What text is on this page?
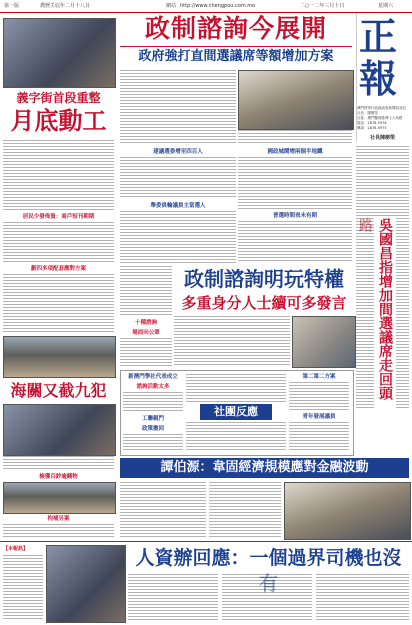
第一版	農曆壬辰年二月十八日	網站 http://www.chengpou.com.mo	二○一二年三月十日	星期六
政制諮詢今展開
政府強打直間選議席等額增加方案 正
報
澳門特別行政區政府新聞局登記
社長：陳樹榮
社址：澳門羅理基博士大馬路
電話：2878-5976
傳真：2878-5975
社長陳樹榮
義字街首段重整
月底動工
居民少發佈資：商戶短刊期期
劃四多項配套應對方案
建議選委增至四百人
舉委員輪議員主當選人
國政城鬧增兩個半地鐵
普選時間表未有期
吳國昌指增加間選議席走回頭
政制諮詢明玩特權
多重身分人士續可多發言
十種諮詢
場面向公眾
海關又截九犯
檢獲百鈔逾錢物
拘捕另案
新澳門學社代表成立
諮詢活動太多
工聯親門
政策撤回
社團反應
第二第二方案
青年發展議員
譚伯源：韋固經濟規模應對金融波動
【本報訊】	人資辦回應：一個過界司機也沒
